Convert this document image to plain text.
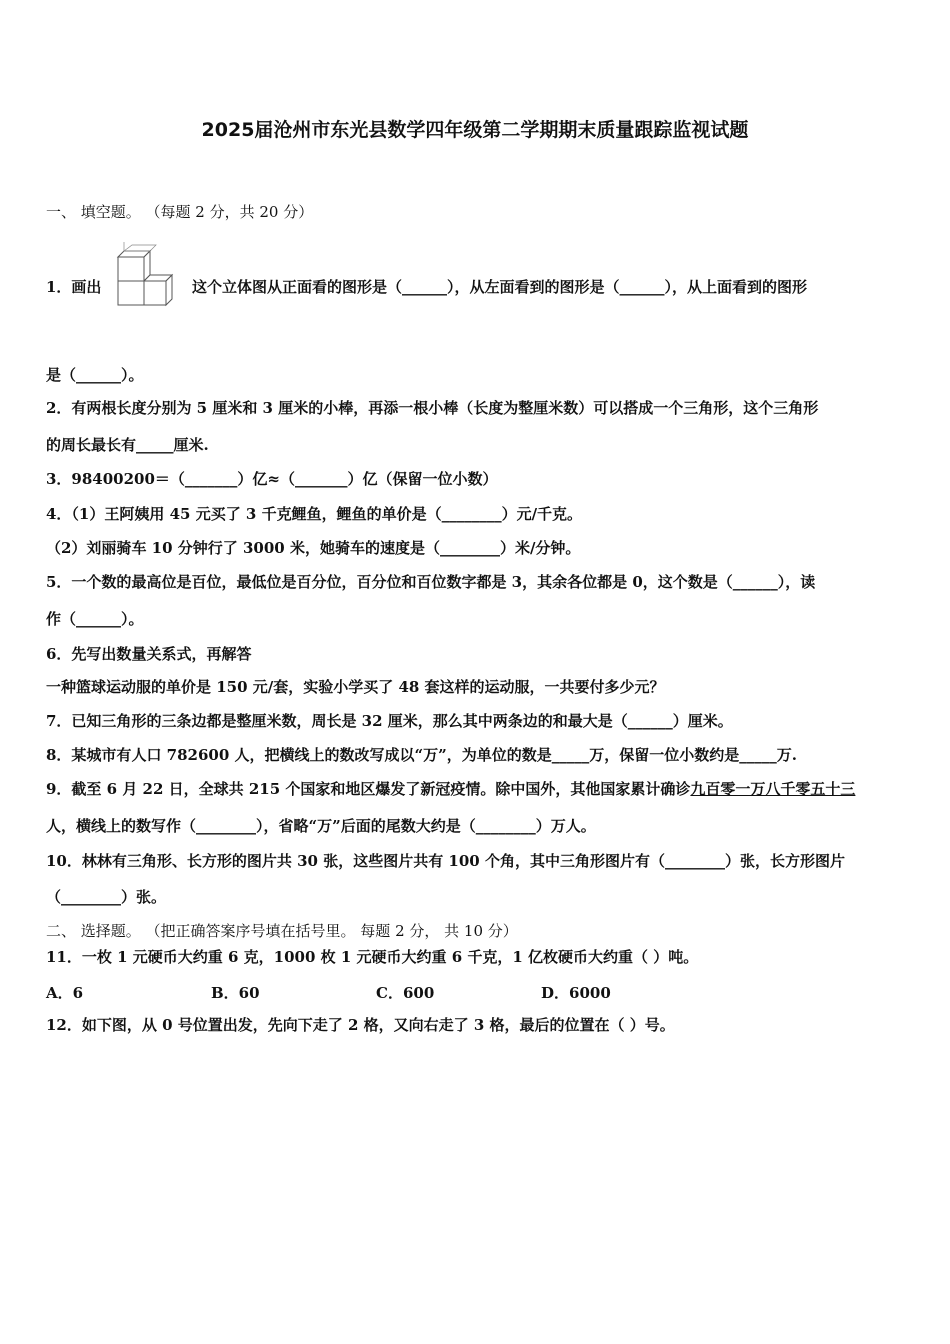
2025届沧州市东光县数学四年级第二学期期末质量跟踪监视试题
一、 填空题。 （每题 2 分，共 20 分）
1．画出	这个立体图从正面看的图形是（______），从左面看到的图形是（______），从上面看到的图形
是（______）。
2．有两根长度分别为 5 厘米和 3 厘米的小棒，再添一根小棒（长度为整厘米数）可以搭成一个三角形，这个三角形
的周长最长有_____厘米.
3．98400200＝（_______）亿≈（_______）亿（保留一位小数）
4．（1）王阿姨用 45 元买了 3 千克鲤鱼，鲤鱼的单价是（________）元/千克。
（2）刘丽骑车 10 分钟行了 3000 米，她骑车的速度是（________）米/分钟。
5．一个数的最高位是百位，最低位是百分位，百分位和百位数字都是 3，其余各位都是 0，这个数是（______），读
作（______）。
6．先写出数量关系式，再解答
一种篮球运动服的单价是 150 元/套，实验小学买了 48 套这样的运动服，一共要付多少元？
7．已知三角形的三条边都是整厘米数，周长是 32 厘米，那么其中两条边的和最大是（______）厘米。
8．某城市有人口 782600 人，把横线上的数改写成以“万”，为单位的数是_____万，保留一位小数约是_____万.
9．截至 6 月 22 日，全球共 215 个国家和地区爆发了新冠疫情。除中国外，其他国家累计确诊九百零一万八千零五十三
人，横线上的数写作（________），省略“万”后面的尾数大约是（________）万人。
10．林林有三角形、长方形的图片共 30 张，这些图片共有 100 个角，其中三角形图片有（________）张，长方形图片
（________）张。
二、 选择题。 （把正确答案序号填在括号里。 每题 2 分， 共 10 分）
11．一枚 1 元硬币大约重 6 克，1000 枚 1 元硬币大约重 6 千克，1 亿枚硬币大约重（ ）吨。
A．6	B．60	C．600	D．6000
12．如下图，从 0 号位置出发，先向下走了 2 格，又向右走了 3 格，最后的位置在（ ）号。
